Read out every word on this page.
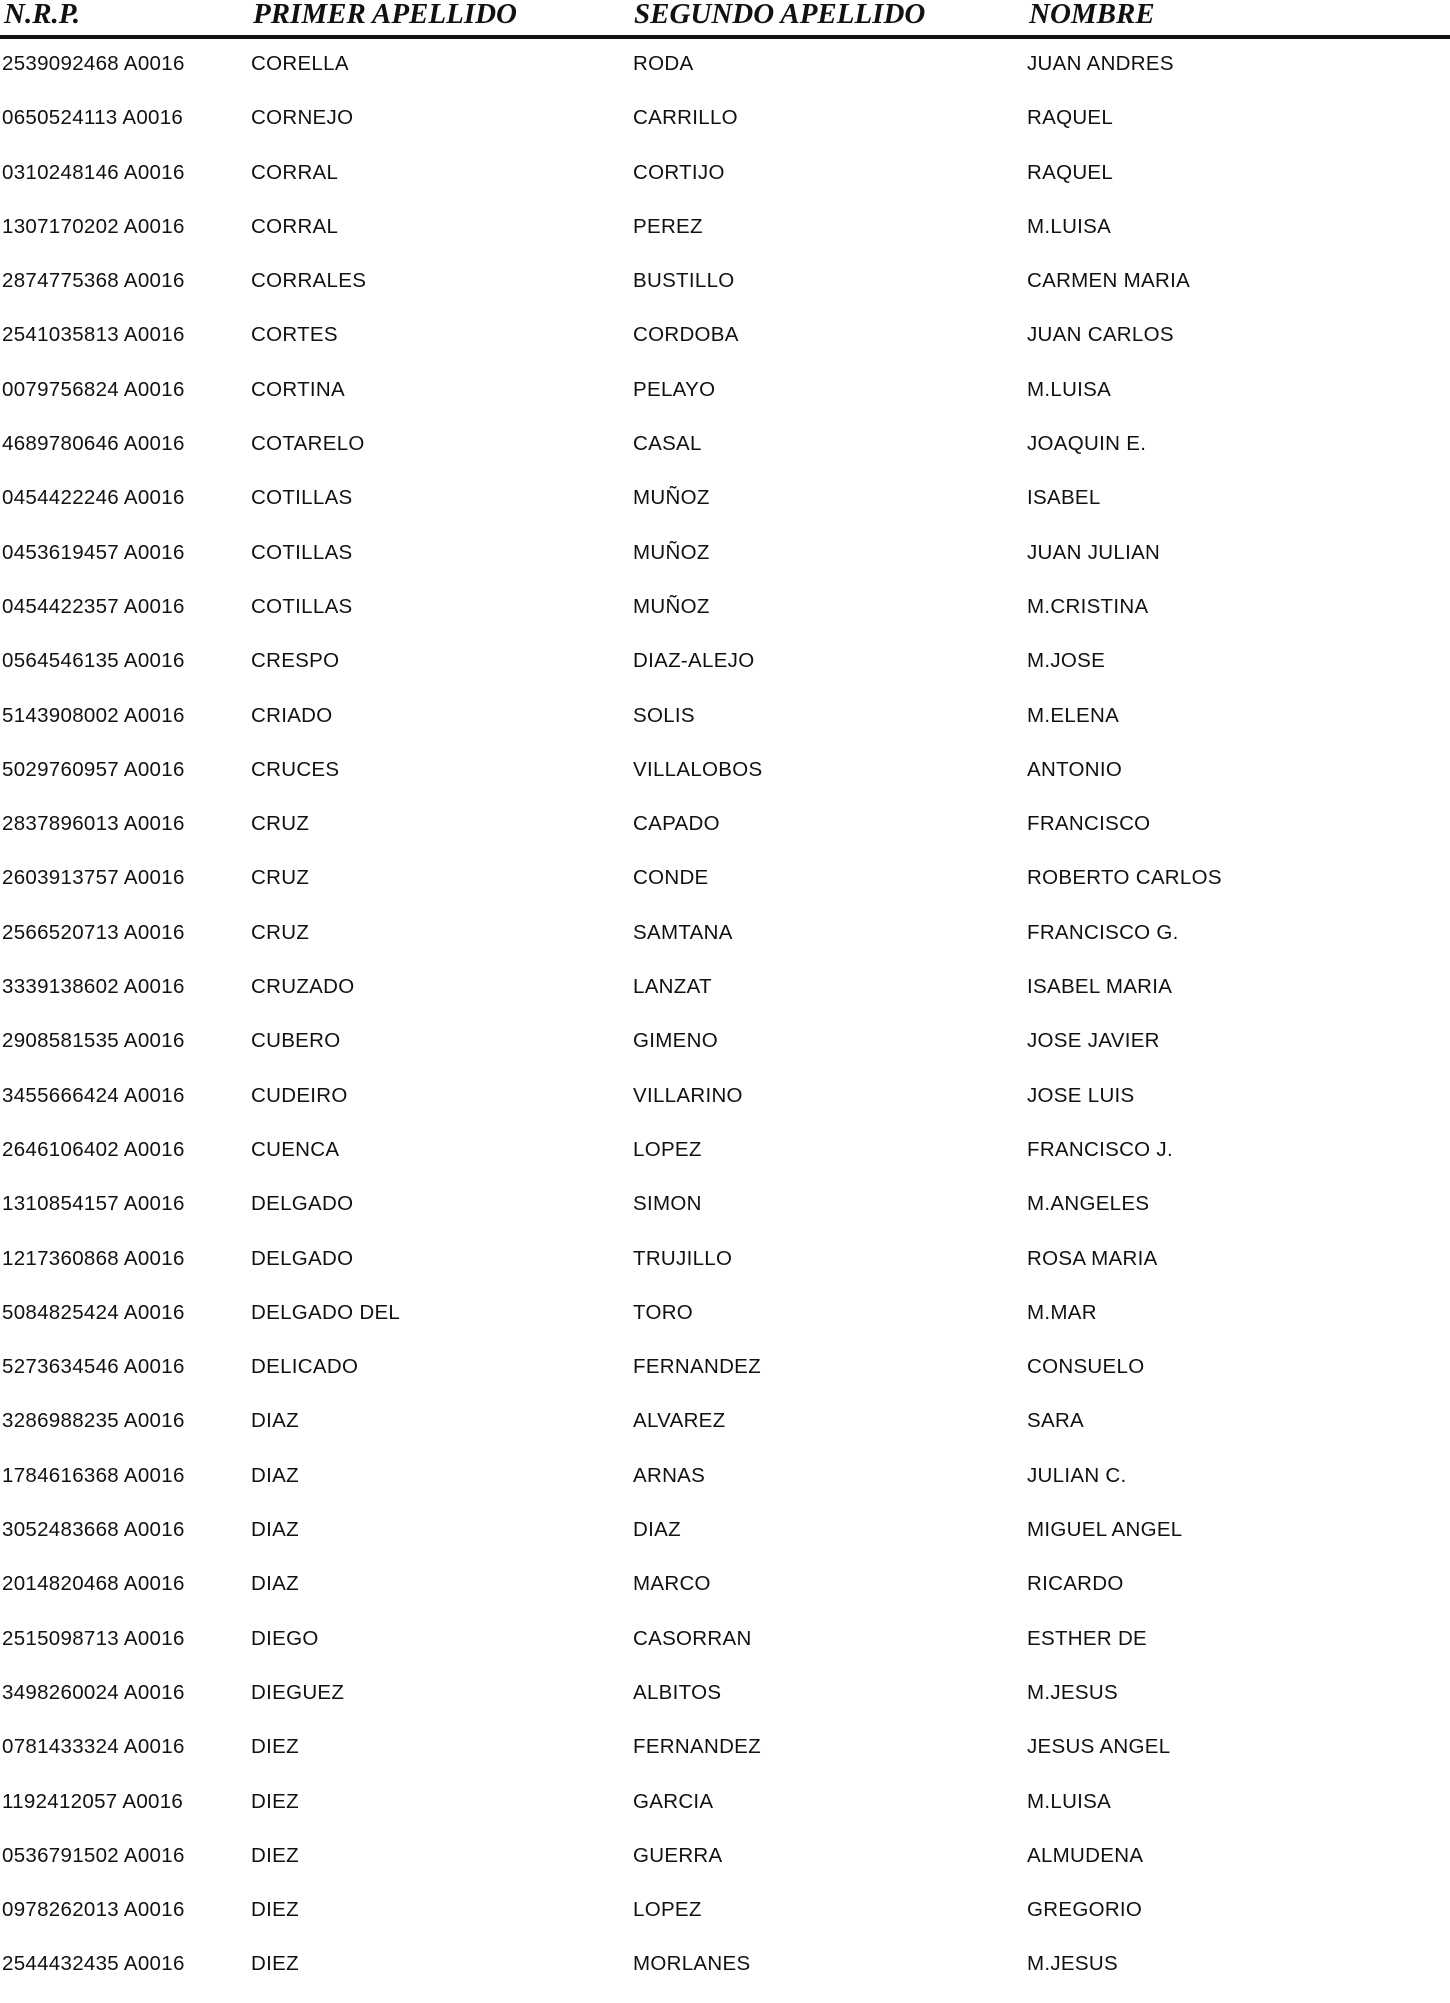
N.R.P.	PRIMER APELLIDO	SEGUNDO APELLIDO	NOMBRE
2539092468 A0016	CORELLA	RODA	JUAN ANDRES
0650524113 A0016	CORNEJO	CARRILLO	RAQUEL
0310248146 A0016	CORRAL	CORTIJO	RAQUEL
1307170202 A0016	CORRAL	PEREZ	M.LUISA
2874775368 A0016	CORRALES	BUSTILLO	CARMEN MARIA
2541035813 A0016	CORTES	CORDOBA	JUAN CARLOS
0079756824 A0016	CORTINA	PELAYO	M.LUISA
4689780646 A0016	COTARELO	CASAL	JOAQUIN E.
0454422246 A0016	COTILLAS	MUÑOZ	ISABEL
0453619457 A0016	COTILLAS	MUÑOZ	JUAN JULIAN
0454422357 A0016	COTILLAS	MUÑOZ	M.CRISTINA
0564546135 A0016	CRESPO	DIAZ-ALEJO	M.JOSE
5143908002 A0016	CRIADO	SOLIS	M.ELENA
5029760957 A0016	CRUCES	VILLALOBOS	ANTONIO
2837896013 A0016	CRUZ	CAPADO	FRANCISCO
2603913757 A0016	CRUZ	CONDE	ROBERTO CARLOS
2566520713 A0016	CRUZ	SAMTANA	FRANCISCO G.
3339138602 A0016	CRUZADO	LANZAT	ISABEL MARIA
2908581535 A0016	CUBERO	GIMENO	JOSE JAVIER
3455666424 A0016	CUDEIRO	VILLARINO	JOSE LUIS
2646106402 A0016	CUENCA	LOPEZ	FRANCISCO J.
1310854157 A0016	DELGADO	SIMON	M.ANGELES
1217360868 A0016	DELGADO	TRUJILLO	ROSA MARIA
5084825424 A0016	DELGADO DEL	TORO	M.MAR
5273634546 A0016	DELICADO	FERNANDEZ	CONSUELO
3286988235 A0016	DIAZ	ALVAREZ	SARA
1784616368 A0016	DIAZ	ARNAS	JULIAN C.
3052483668 A0016	DIAZ	DIAZ	MIGUEL ANGEL
2014820468 A0016	DIAZ	MARCO	RICARDO
2515098713 A0016	DIEGO	CASORRAN	ESTHER DE
3498260024 A0016	DIEGUEZ	ALBITOS	M.JESUS
0781433324 A0016	DIEZ	FERNANDEZ	JESUS ANGEL
1192412057 A0016	DIEZ	GARCIA	M.LUISA
0536791502 A0016	DIEZ	GUERRA	ALMUDENA
0978262013 A0016	DIEZ	LOPEZ	GREGORIO
2544432435 A0016	DIEZ	MORLANES	M.JESUS
